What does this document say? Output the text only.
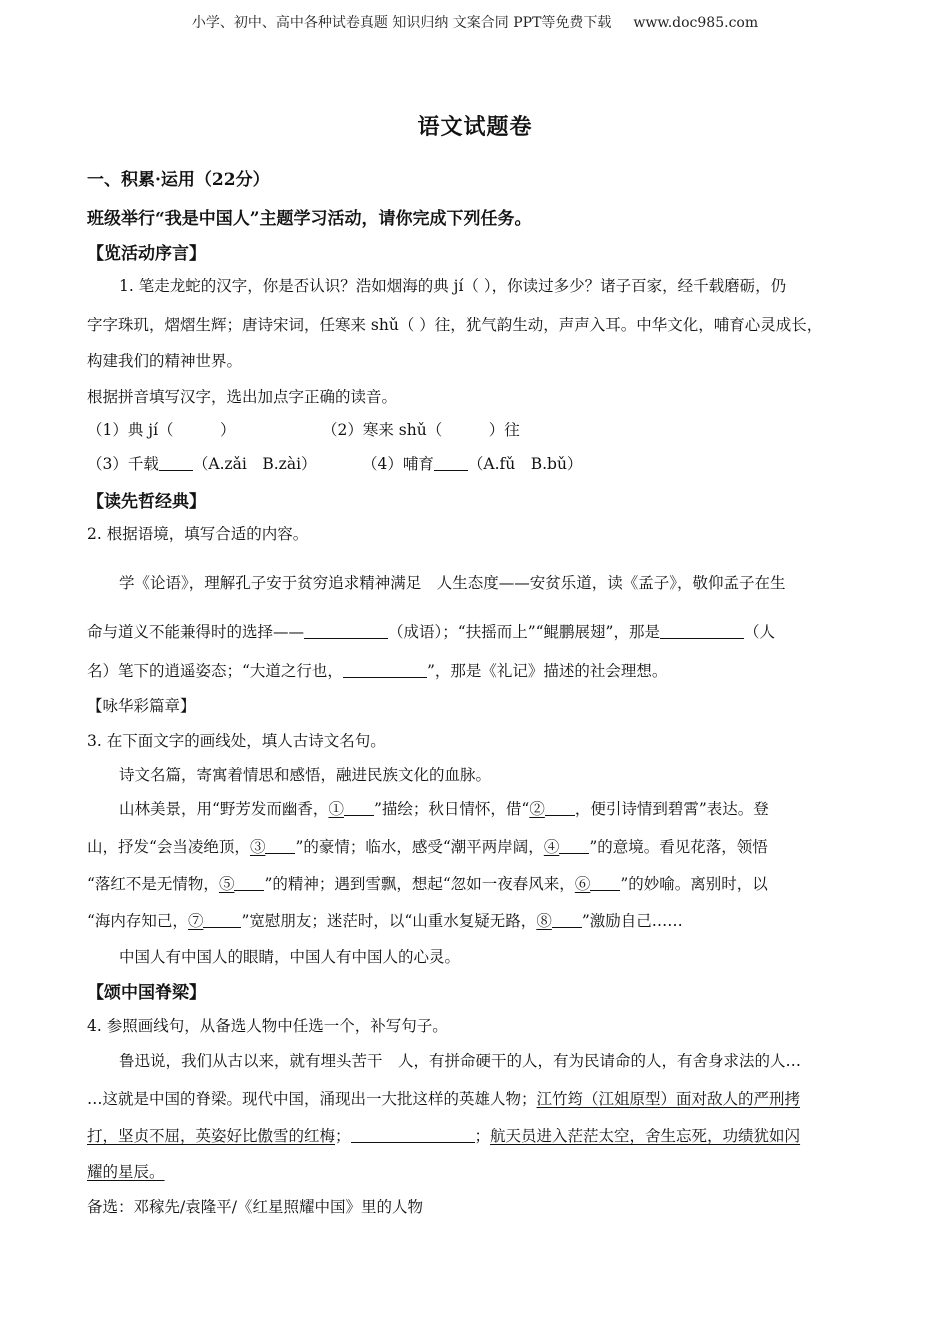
小学、初中、高中各种试卷真题 知识归纳 文案合同 PPT等免费下载 www.doc985.com
语文试题卷
一、积累·运用（22分）
班级举行“我是中国人”主题学习活动，请你完成下列任务。
【览活动序言】
1. 笔走龙蛇的汉字，你是否认识？浩如烟海的典 jí（ ），你读过多少？诸子百家，经千载磨砺，仍
字字珠玑，熠熠生辉；唐诗宋词，任寒来 shǔ（ ）往，犹气韵生动，声声入耳。中华文化，哺育心灵成长，
构建我们的精神世界。
根据拼音填写汉字，选出加点字正确的读音。
（1）典 jí（　　　）	（2）寒来 shǔ（　　　）往
（3）千载 （A.zǎi　B.zài）	（4）哺育 （A.fǔ　B.bǔ）
【读先哲经典】
2. 根据语境，填写合适的内容。
学《论语》，理解孔子安于贫穷追求精神满足　人生态度——安贫乐道，读《孟子》，敬仰孟子在生
命与道义不能兼得时的选择——	（成语）；“扶摇而上”“鲲鹏展翅”，那是	（人
名）笔下的逍遥姿态；“大道之行也，	”，那是《礼记》描述的社会理想。
【咏华彩篇章】
3. 在下面文字的画线处，填人古诗文名句。
诗文名篇，寄寓着情思和感悟，融进民族文化的血脉。
山林美景，用“野芳发而幽香，① ”描绘；秋日情怀，借“② ，便引诗情到碧霄”表达。登
山，抒发“会当凌绝顶，③ ”的豪情；临水，感受“潮平两岸阔，④ ”的意境。看见花落，领悟
“落红不是无情物，⑤ ”的精神；遇到雪飘，想起“忽如一夜春风来，⑥ ”的妙喻。离别时，以
“海内存知己，⑦ ”宽慰朋友；迷茫时，以“山重水复疑无路，⑧ ”激励自己……
中国人有中国人的眼睛，中国人有中国人的心灵。
【颂中国脊梁】
4. 参照画线句，从备选人物中任选一个，补写句子。
鲁迅说，我们从古以来，就有埋头苦干　人，有拼命硬干的人，有为民请命的人，有舍身求法的人…
…这就是中国的脊梁。现代中国，涌现出一大批这样的英雄人物；江竹筠（江姐原型）面对敌人的严刑拷
打，坚贞不屈，英姿好比傲雪的红梅；	；航天员进入茫茫太空，舍生忘死，功绩犹如闪
耀的星辰。
备选：邓稼先/袁隆平/《红星照耀中国》里的人物
